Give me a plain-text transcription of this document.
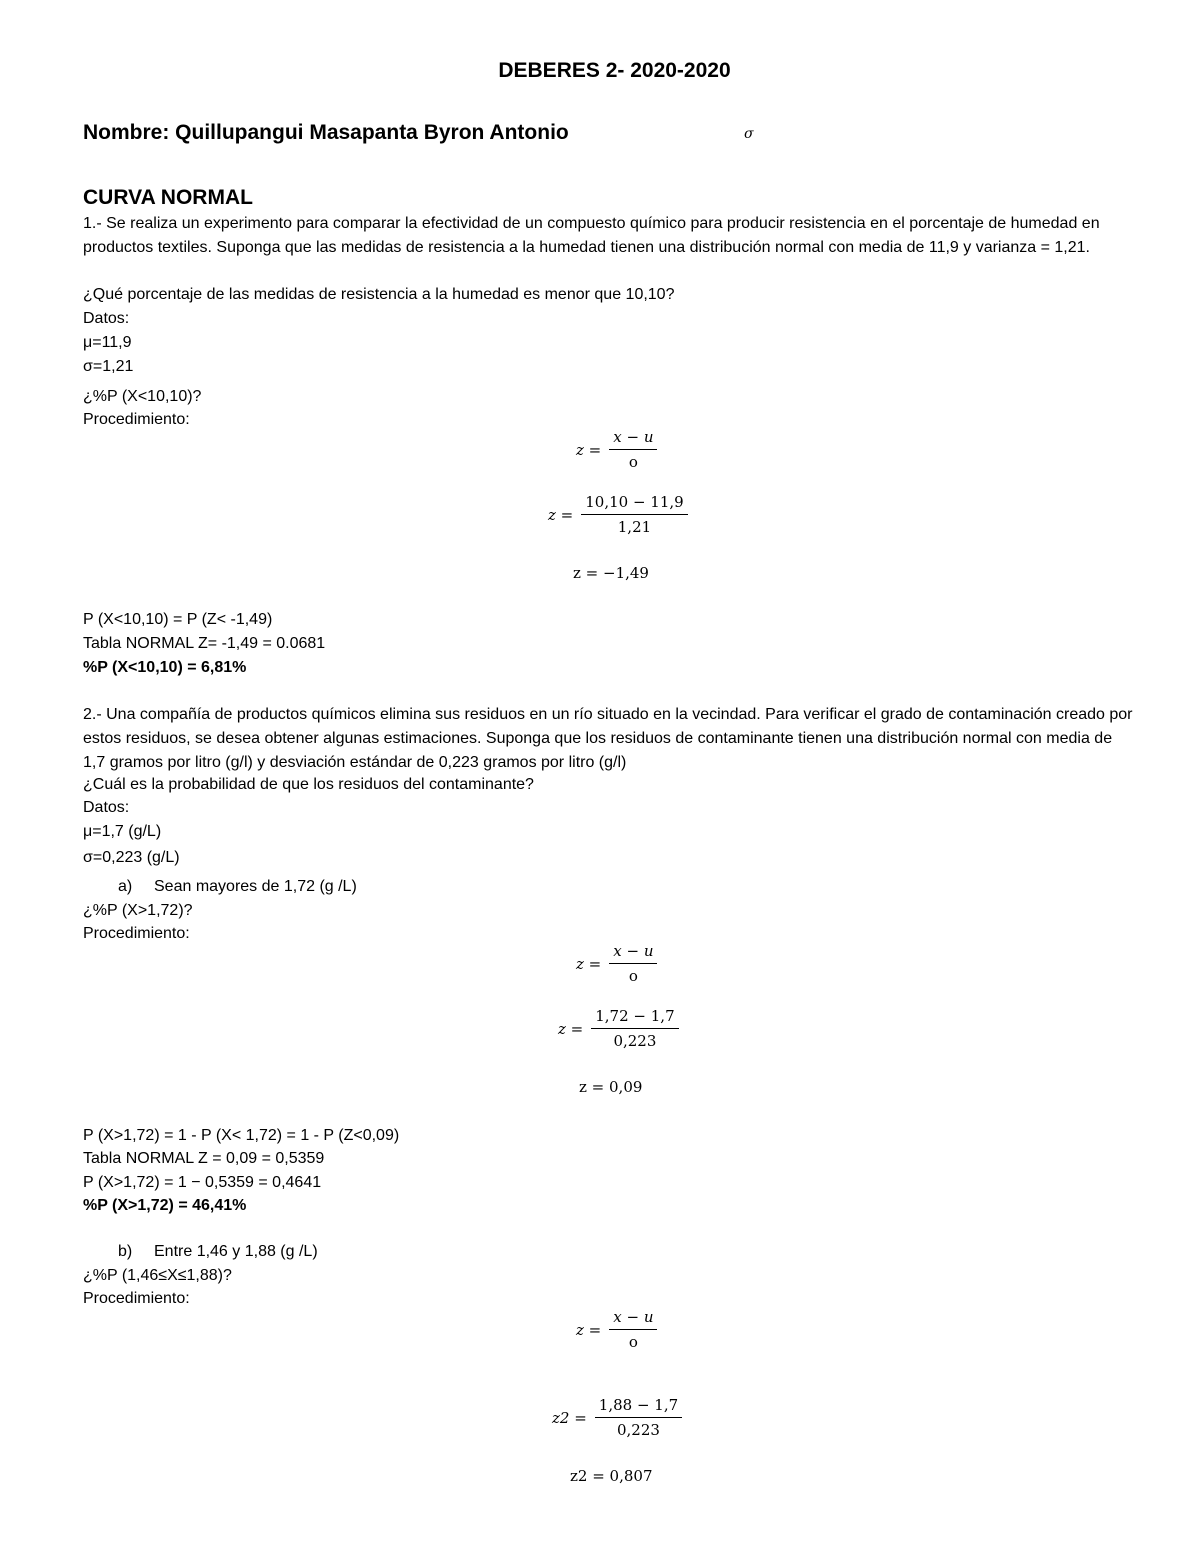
DEBERES 2- 2020-2020
Nombre: Quillupangui Masapanta Byron Antonio	σ
CURVA NORMAL

1.- Se realiza un experimento para comparar la efectividad de un compuesto químico para producir resistencia en el porcentaje de humedad en productos textiles. Suponga que las medidas de resistencia a la humedad tienen una distribución normal con media de 11,9 y varianza = 1,21.

¿Qué porcentaje de las medidas de resistencia a la humedad es menor que 10,10?
Datos:
μ=11,9
σ=1,21
¿%P (X<10,10)?
Procedimiento:
$z = \frac{x - u}{o}$
$z = \frac{10,10 - 11,9}{1,21}$
z = −1,49
P (X<10,10) = P (Z< -1,49)
Tabla NORMAL Z= -1,49 = 0.0681
%P (X<10,10) = 6,81%

2.- Una compañía de productos químicos elimina sus residuos en un río situado en la vecindad. Para verificar el grado de contaminación creado por estos residuos, se desea obtener algunas estimaciones. Suponga que los residuos de contaminante tienen una distribución normal con media de 1,7 gramos por litro (g/l) y desviación estándar de 0,223 gramos por litro (g/l)

¿Cuál es la probabilidad de que los residuos del contaminante?
Datos:
μ=1,7 (g/L)
σ=0,223 (g/L)
a) Sean mayores de 1,72 (g /L)
¿%P (X>1,72)?
Procedimiento:
$z = \frac{x - u}{o}$
$z = \frac{1,72 - 1,7}{0,223}$
z = 0,09
P (X>1,72) = 1 - P (X< 1,72) = 1 - P (Z<0,09)
Tabla NORMAL Z = 0,09 = 0,5359
P (X>1,72) = 1 − 0,5359 = 0,4641
%P (X>1,72) = 46,41%
b) Entre 1,46 y 1,88 (g /L)
¿%P (1,46≤X≤1,88)?
Procedimiento:
$z = \frac{x - u}{o}$
$z2 = \frac{1,88 - 1,7}{0,223}$
z2 = 0,807
